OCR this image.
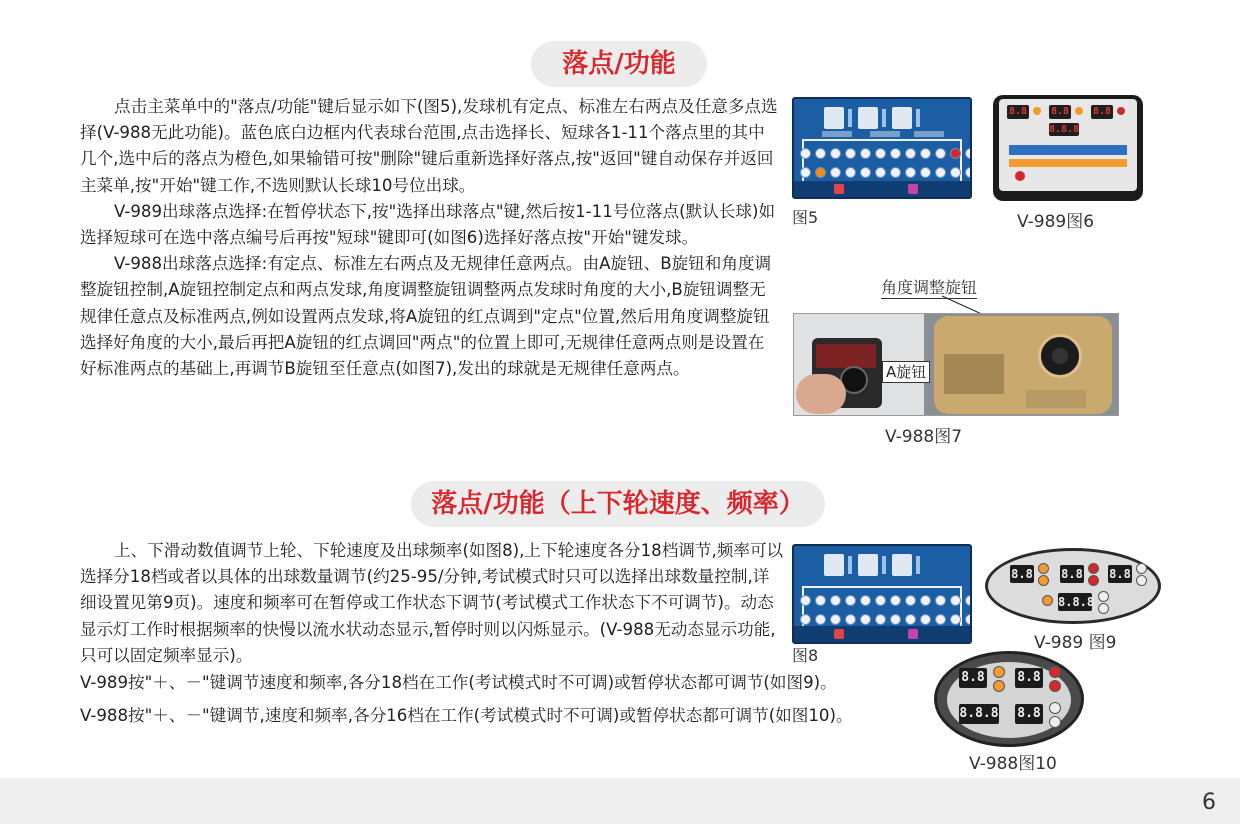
落点/功能

点击主菜单中的"落点/功能"键后显示如下(图5),发球机有定点、标准左右两点及任意多点选择(V-988无此功能)。蓝色底白边框内代表球台范围,点击选择长、短球各1-11个落点里的其中几个,选中后的落点为橙色,如果输错可按"删除"键后重新选择好落点,按"返回"键自动保存并返回主菜单,按"开始"键工作,不选则默认长球10号位出球。

V-989出球落点选择:在暂停状态下,按"选择出球落点"键,然后按1-11号位落点(默认长球)如选择短球可在选中落点编号后再按"短球"键即可(如图6)选择好落点按"开始"键发球。

V-988出球落点选择:有定点、标准左右两点及无规律任意两点。由A旋钮、B旋钮和角度调整旋钮控制,A旋钮控制定点和两点发球,角度调整旋钮调整两点发球时角度的大小,B旋钮调整无规律任意点及标准两点,例如设置两点发球,将A旋钮的红点调到"定点"位置,然后用角度调整旋钮选择好角度的大小,最后再把A旋钮的红点调回"两点"的位置上即可,无规律任意两点则是设置在好标准两点的基础上,再调节B旋钮至任意点(如图7),发出的球就是无规律任意两点。

图5
8.8 8.8 8.8
8.8.8
V-989图6
角度调整旋钮
A旋钮
V-988图7
落点/功能（上下轮速度、频率）

上、下滑动数值调节上轮、下轮速度及出球频率(如图8),上下轮速度各分18档调节,频率可以选择分18档或者以具体的出球数量调节(约25-95/分钟,考试模式时只可以选择出球数量控制,详细设置见第9页)。速度和频率可在暂停或工作状态下调节(考试模式工作状态下不可调节)。动态显示灯工作时根据频率的快慢以流水状动态显示,暂停时则以闪烁显示。(V-988无动态显示功能,只可以固定频率显示)。

V-989按"＋、－"键调节速度和频率,各分18档在工作(考试模式时不可调)或暂停状态都可调节(如图9)。
V-988按"＋、－"键调节,速度和频率,各分16档在工作(考试模式时不可调)或暂停状态都可调节(如图10)。
图8
8.8 8.8 8.8
8.8.8
V-989 图9
8.8	8.8
8.8.8 8.8
V-988图10
6
